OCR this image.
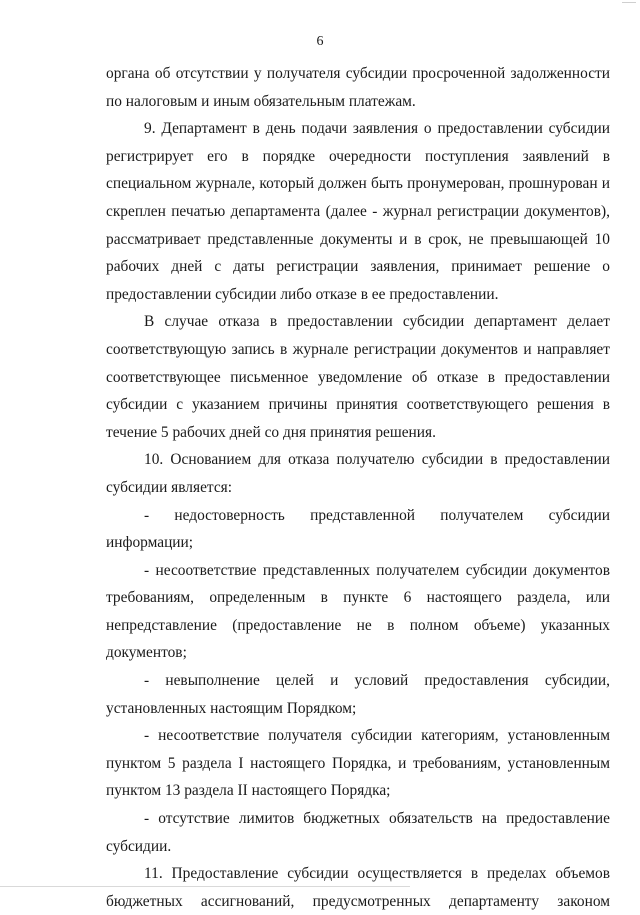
6

органа об отсутствии у получателя субсидии просроченной задолженности по налоговым и иным обязательным платежам.

9. Департамент в день подачи заявления о предоставлении субсидии регистрирует его в порядке очередности поступления заявлений в специальном журнале, который должен быть пронумерован, прошнурован и скреплен печатью департамента (далее - журнал регистрации документов), рассматривает представленные документы и в срок, не превышающей 10 рабочих дней с даты регистрации заявления, принимает решение о предоставлении субсидии либо отказе в ее предоставлении.

В случае отказа в предоставлении субсидии департамент делает соответствующую запись в журнале регистрации документов и направляет соответствующее письменное уведомление об отказе в предоставлении субсидии с указанием причины принятия соответствующего решения в течение 5 рабочих дней со дня принятия решения.

10. Основанием для отказа получателю субсидии в предоставлении субсидии является:

- недостоверность представленной получателем субсидии информации;

- несоответствие представленных получателем субсидии документов требованиям, определенным в пункте 6 настоящего раздела, или непредставление (предоставление не в полном объеме) указанных документов;

- невыполнение целей и условий предоставления субсидии, установленных настоящим Порядком;

- несоответствие получателя субсидии категориям, установленным пунктом 5 раздела I настоящего Порядка, и требованиям, установленным пунктом 13 раздела II настоящего Порядка;

- отсутствие лимитов бюджетных обязательств на предоставление субсидии.

11. Предоставление субсидии осуществляется в пределах объемов бюджетных ассигнований, предусмотренных департаменту законом
